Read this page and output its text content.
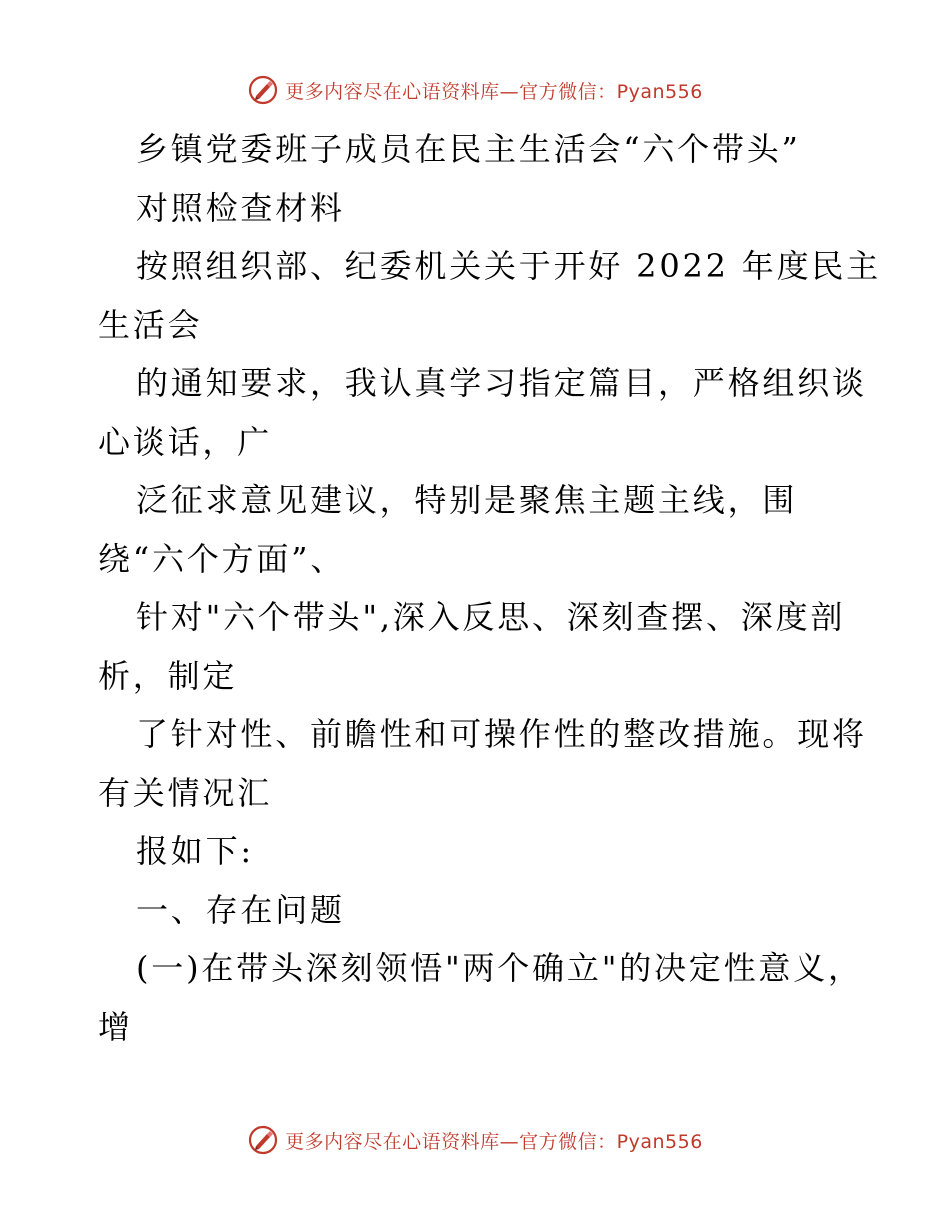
更多内容尽在心语资料库—官方微信：Pyan556
乡镇党委班子成员在民主生活会“六个带头”
对照检查材料
按照组织部、纪委机关关于开好 2022 年度民主
生活会
的通知要求，我认真学习指定篇目，严格组织谈
心谈话，广
泛征求意见建议，特别是聚焦主题主线，围
绕“六个方面”、
针对"六个带头",深入反思、深刻查摆、深度剖
析，制定
了针对性、前瞻性和可操作性的整改措施。现将
有关情况汇
报如下:
一、存在问题
(一)在带头深刻领悟"两个确立"的决定性意义，
增
更多内容尽在心语资料库—官方微信：Pyan556
